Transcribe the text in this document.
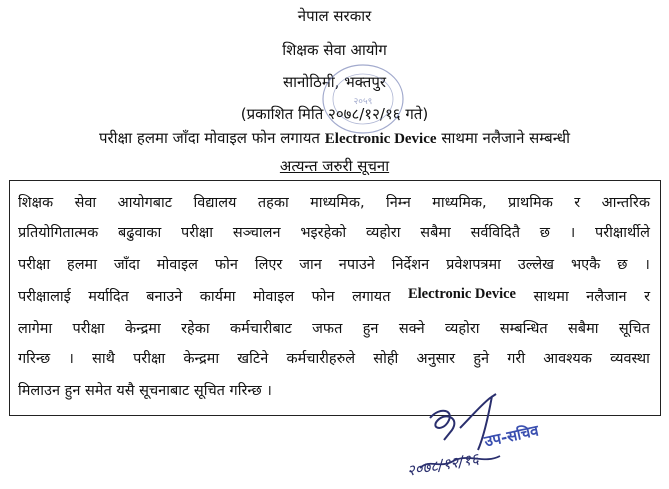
नेपाल सरकार
शिक्षक सेवा आयोग
सानोठिमी, भक्तपुर
(प्रकाशित मिति २०७८/१२/१६ गते)
२०५९
परीक्षा हलमा जाँदा मोवाइल फोन लगायत Electronic Device साथमा नलैजाने सम्बन्धी
अत्यन्त जरुरी सूचना
शिक्षक सेवा आयोगबाट विद्यालय तहका माध्यमिक, निम्न माध्यमिक, प्राथमिक र आन्तरिक
प्रतियोगितात्मक बढुवाका परीक्षा सञ्चालन भइरहेको व्यहोरा सबैमा सर्वविदितै छ । परीक्षार्थीले
परीक्षा हलमा जाँदा मोवाइल फोन लिएर जान नपाउने निर्देशन प्रवेशपत्रमा उल्लेख भएकै छ ।
परीक्षालाई मर्यादित बनाउने कार्यमा मोवाइल फोन लगायत Electronic Device साथमा नलैजान र
लागेमा परीक्षा केन्द्रमा रहेका कर्मचारीबाट जफत हुन सक्ने व्यहोरा सम्बन्धित सबैमा सूचित
गरिन्छ । साथै परीक्षा केन्द्रमा खटिने कर्मचारीहरुले सोही अनुसार हुने गरी आवश्यक व्यवस्था
मिलाउन हुन समेत यसै सूचनाबाट सूचित गरिन्छ ।
२०७८/१२/१६
उप-सचिव
